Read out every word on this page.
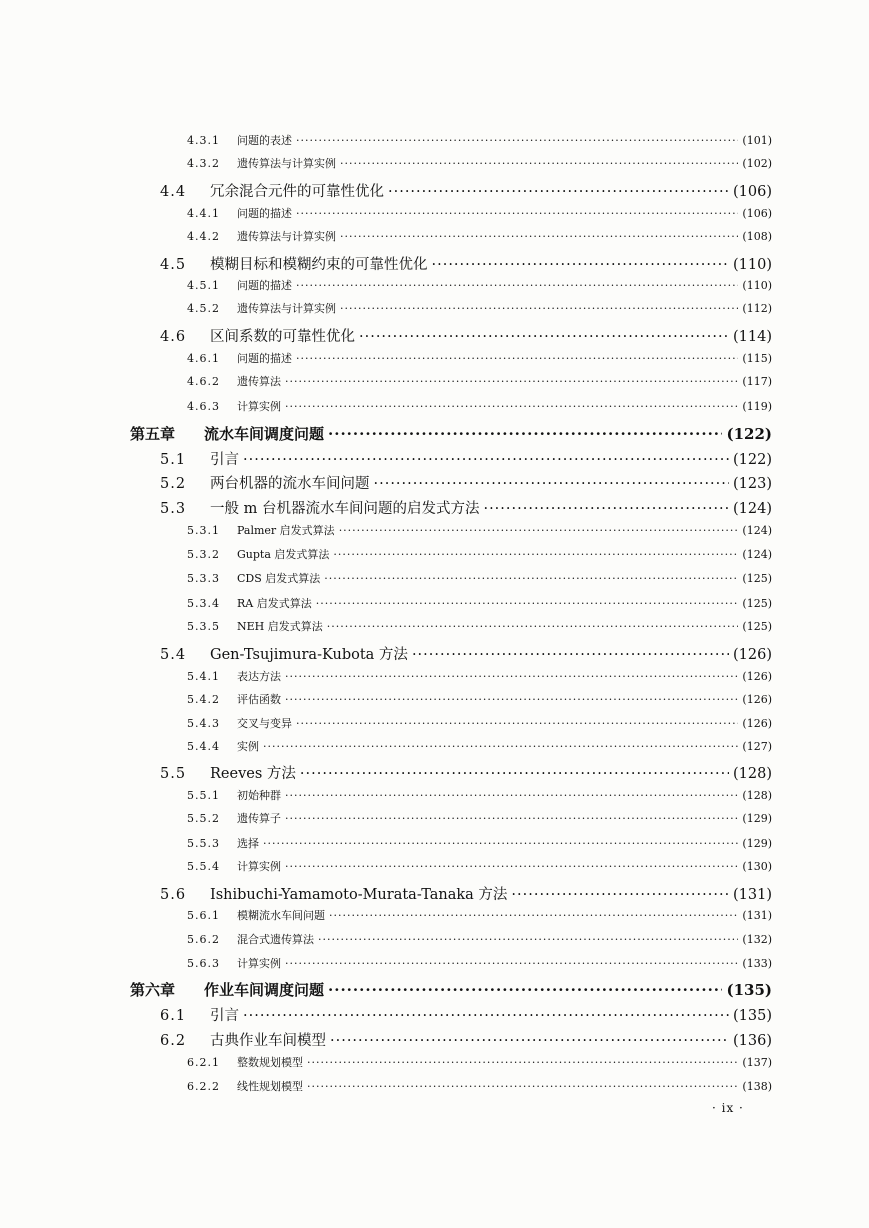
4.3.1	问题的表述 ·····	(101)
4.3.2	遗传算法与计算实例 ·····	(102)
4.4	冗余混合元件的可靠性优化 ·····	(106)
4.4.1	问题的描述 ·····	(106)
4.4.2	遗传算法与计算实例 ·····	(108)
4.5	模糊目标和模糊约束的可靠性优化 ·····	(110)
4.5.1	问题的描述 ·····	(110)
4.5.2	遗传算法与计算实例 ·····	(112)
4.6	区间系数的可靠性优化 ·····	(114)
4.6.1	问题的描述 ·····	(115)
4.6.2	遗传算法 ·····	(117)
4.6.3	计算实例 ·····	(119)
第五章	流水车间调度问题 ·····	(122)
5.1	引言 ·····	(122)
5.2	两台机器的流水车间问题 ·····	(123)
5.3	一般 m 台机器流水车间问题的启发式方法 ·····	(124)
5.3.1	Palmer 启发式算法 ·····	(124)
5.3.2	Gupta 启发式算法 ·····	(124)
5.3.3	CDS 启发式算法 ·····	(125)
5.3.4	RA 启发式算法 ·····	(125)
5.3.5	NEH 启发式算法 ·····	(125)
5.4	Gen-Tsujimura-Kubota 方法 ·····	(126)
5.4.1	表达方法 ·····	(126)
5.4.2	评估函数 ·····	(126)
5.4.3	交叉与变异 ·····	(126)
5.4.4	实例 ·····	(127)
5.5	Reeves 方法 ·····	(128)
5.5.1	初始种群 ·····	(128)
5.5.2	遗传算子 ·····	(129)
5.5.3	选择 ·····	(129)
5.5.4	计算实例 ·····	(130)
5.6	Ishibuchi-Yamamoto-Murata-Tanaka 方法 ·····	(131)
5.6.1	模糊流水车间问题 ·····	(131)
5.6.2	混合式遗传算法 ·····	(132)
5.6.3	计算实例 ·····	(133)
第六章	作业车间调度问题 ·····	(135)
6.1	引言 ·····	(135)
6.2	古典作业车间模型 ·····	(136)
6.2.1	整数规划模型 ·····	(137)
6.2.2	线性规划模型 ·····	(138)
· ix ·
